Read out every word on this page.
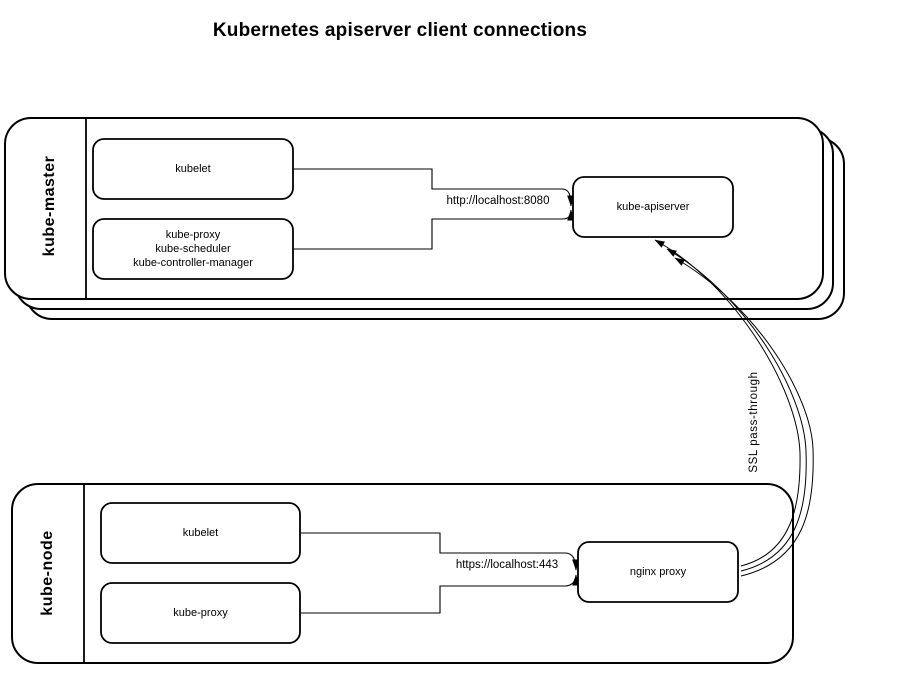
Kubernetes apiserver client connections
kube-master	kubelet
kube-proxy
kube-scheduler
kube-controller-manager
kube-apiserver
http://localhost:8080
kube-node	kubelet
kube-proxy
nginx proxy
https://localhost:443
SSL pass-through
